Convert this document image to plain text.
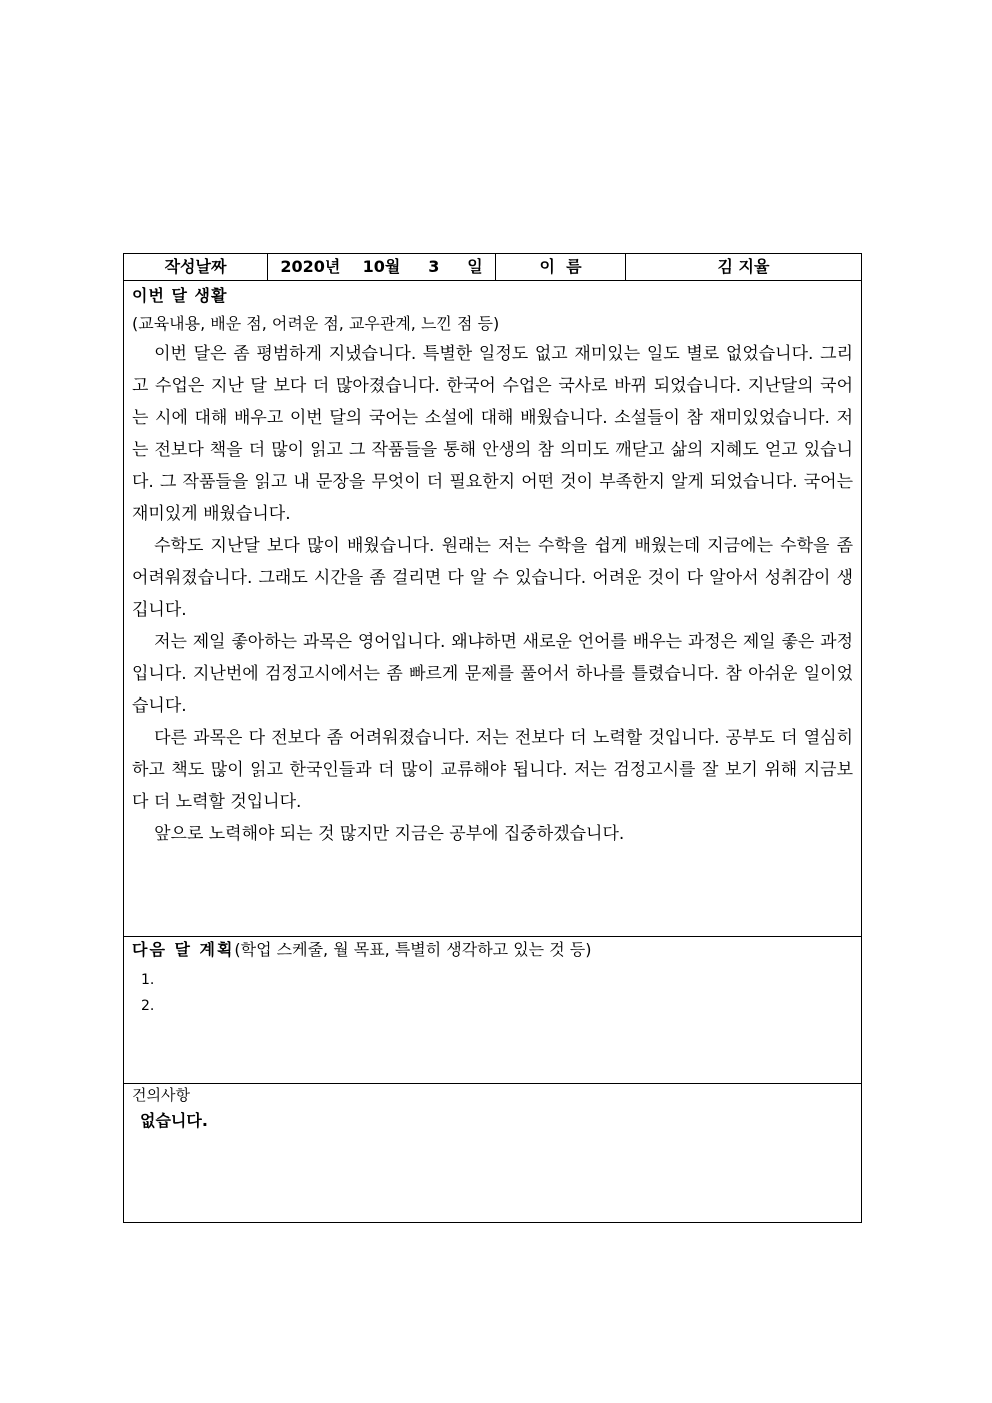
작성날짜	2020년 10월 3 일	이  름	김 지율

이번 달 생활
(교육내용, 배운 점, 어려운 점, 교우관계, 느낀 점 등)

이번 달은 좀 평범하게 지냈습니다. 특별한 일정도 없고 재미있는 일도 별로 없었습니다. 그리고 수업은 지난 달 보다 더 많아졌습니다. 한국어 수업은 국사로 바뀌 되었습니다. 지난달의 국어는 시에 대해 배우고 이번 달의 국어는 소설에 대해 배웠습니다. 소설들이 참 재미있었습니다. 저는 전보다 책을 더 많이 읽고 그 작품들을 통해 안생의 참 의미도 깨닫고 삶의 지혜도 얻고 있습니다. 그 작품들을 읽고 내 문장을 무엇이 더 필요한지 어떤 것이 부족한지 알게 되었습니다. 국어는 재미있게 배웠습니다.

수학도 지난달 보다 많이 배웠습니다. 원래는 저는 수학을 쉽게 배웠는데 지금에는 수학을 좀 어려워졌습니다. 그래도 시간을 좀 걸리면 다 알 수 있습니다. 어려운 것이 다 알아서 성취감이 생깁니다.

저는 제일 좋아하는 과목은 영어입니다. 왜냐하면 새로운 언어를 배우는 과정은 제일 좋은 과정입니다. 지난번에 검정고시에서는 좀 빠르게 문제를 풀어서 하나를 틀렸습니다. 참 아쉬운 일이었습니다.

다른 과목은 다 전보다 좀 어려워졌습니다. 저는 전보다 더 노력할 것입니다. 공부도 더 열심히 하고 책도 많이 읽고 한국인들과 더 많이 교류해야 됩니다. 저는 검정고시를 잘 보기 위해 지금보다 더 노력할 것입니다.

앞으로 노력해야 되는 것 많지만 지금은 공부에 집중하겠습니다.

다음 달 계획(학업 스케줄, 월 목표, 특별히 생각하고 있는 것 등)
1.
2.

건의사항
없습니다.
